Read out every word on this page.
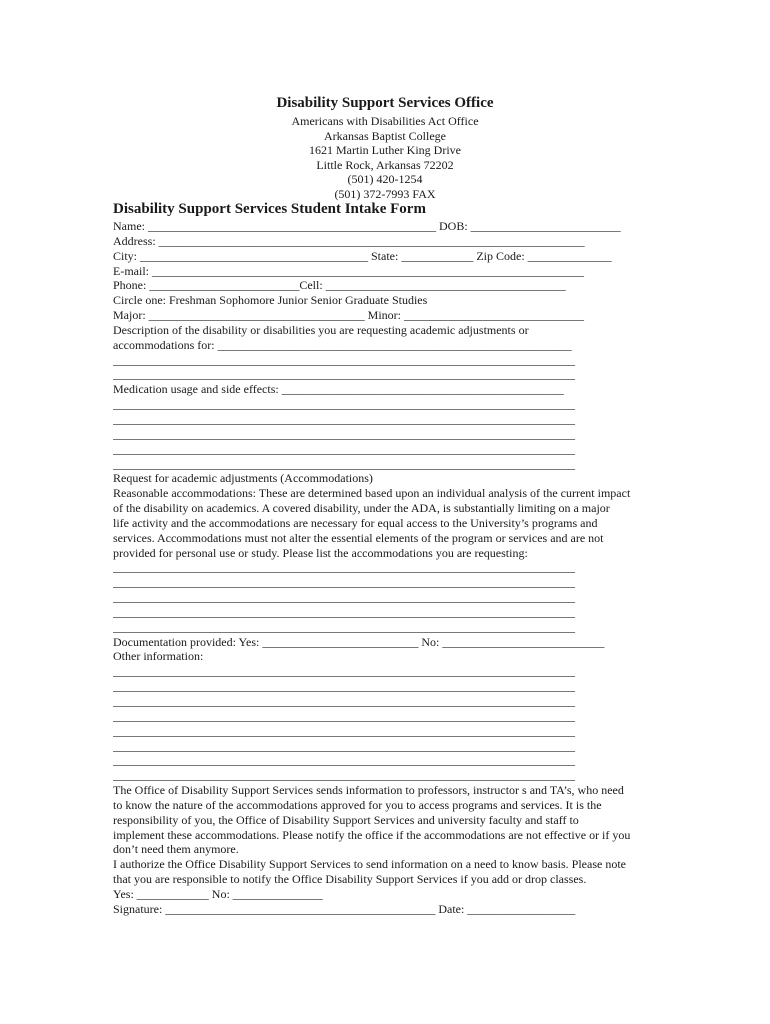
Disability Support Services Office
Americans with Disabilities Act Office
Arkansas Baptist College
1621 Martin Luther King Drive
Little Rock, Arkansas 72202
(501) 420-1254
(501) 372-7993 FAX
Disability Support Services Student Intake Form
Name: ________________________________________________ DOB: _________________________
Address: _______________________________________________________________________
City: ______________________________________ State: ____________ Zip Code: ______________
E-mail: ________________________________________________________________________
Phone: _________________________Cell: ________________________________________
Circle one: Freshman Sophomore Junior Senior Graduate Studies
Major: ____________________________________ Minor: ______________________________
Description of the disability or disabilities you are requesting academic adjustments or
accommodations for: ___________________________________________________________
_____________________________________________________________________________
_____________________________________________________________________________
Medication usage and side effects: _______________________________________________
_____________________________________________________________________________
_____________________________________________________________________________
_____________________________________________________________________________
_____________________________________________________________________________
_____________________________________________________________________________
Request for academic adjustments (Accommodations)
Reasonable accommodations: These are determined based upon an individual analysis of the current impact
of the disability on academics. A covered disability, under the ADA, is substantially limiting on a major
life activity and the accommodations are necessary for equal access to the University’s programs and
services. Accommodations must not alter the essential elements of the program or services and are not
provided for personal use or study. Please list the accommodations you are requesting:
_____________________________________________________________________________
_____________________________________________________________________________
_____________________________________________________________________________
_____________________________________________________________________________
_____________________________________________________________________________
Documentation provided: Yes: __________________________ No: ___________________________
Other information:
_____________________________________________________________________________
_____________________________________________________________________________
_____________________________________________________________________________
_____________________________________________________________________________
_____________________________________________________________________________
_____________________________________________________________________________
_____________________________________________________________________________
_____________________________________________________________________________
The Office of Disability Support Services sends information to professors, instructor s and TA’s, who need
to know the nature of the accommodations approved for you to access programs and services. It is the
responsibility of you, the Office of Disability Support Services and university faculty and staff to
implement these accommodations. Please notify the office if the accommodations are not effective or if you
don’t need them anymore.
I authorize the Office Disability Support Services to send information on a need to know basis. Please note
that you are responsible to notify the Office Disability Support Services if you add or drop classes.
Yes: ____________ No: _______________
Signature: _____________________________________________ Date: __________________
